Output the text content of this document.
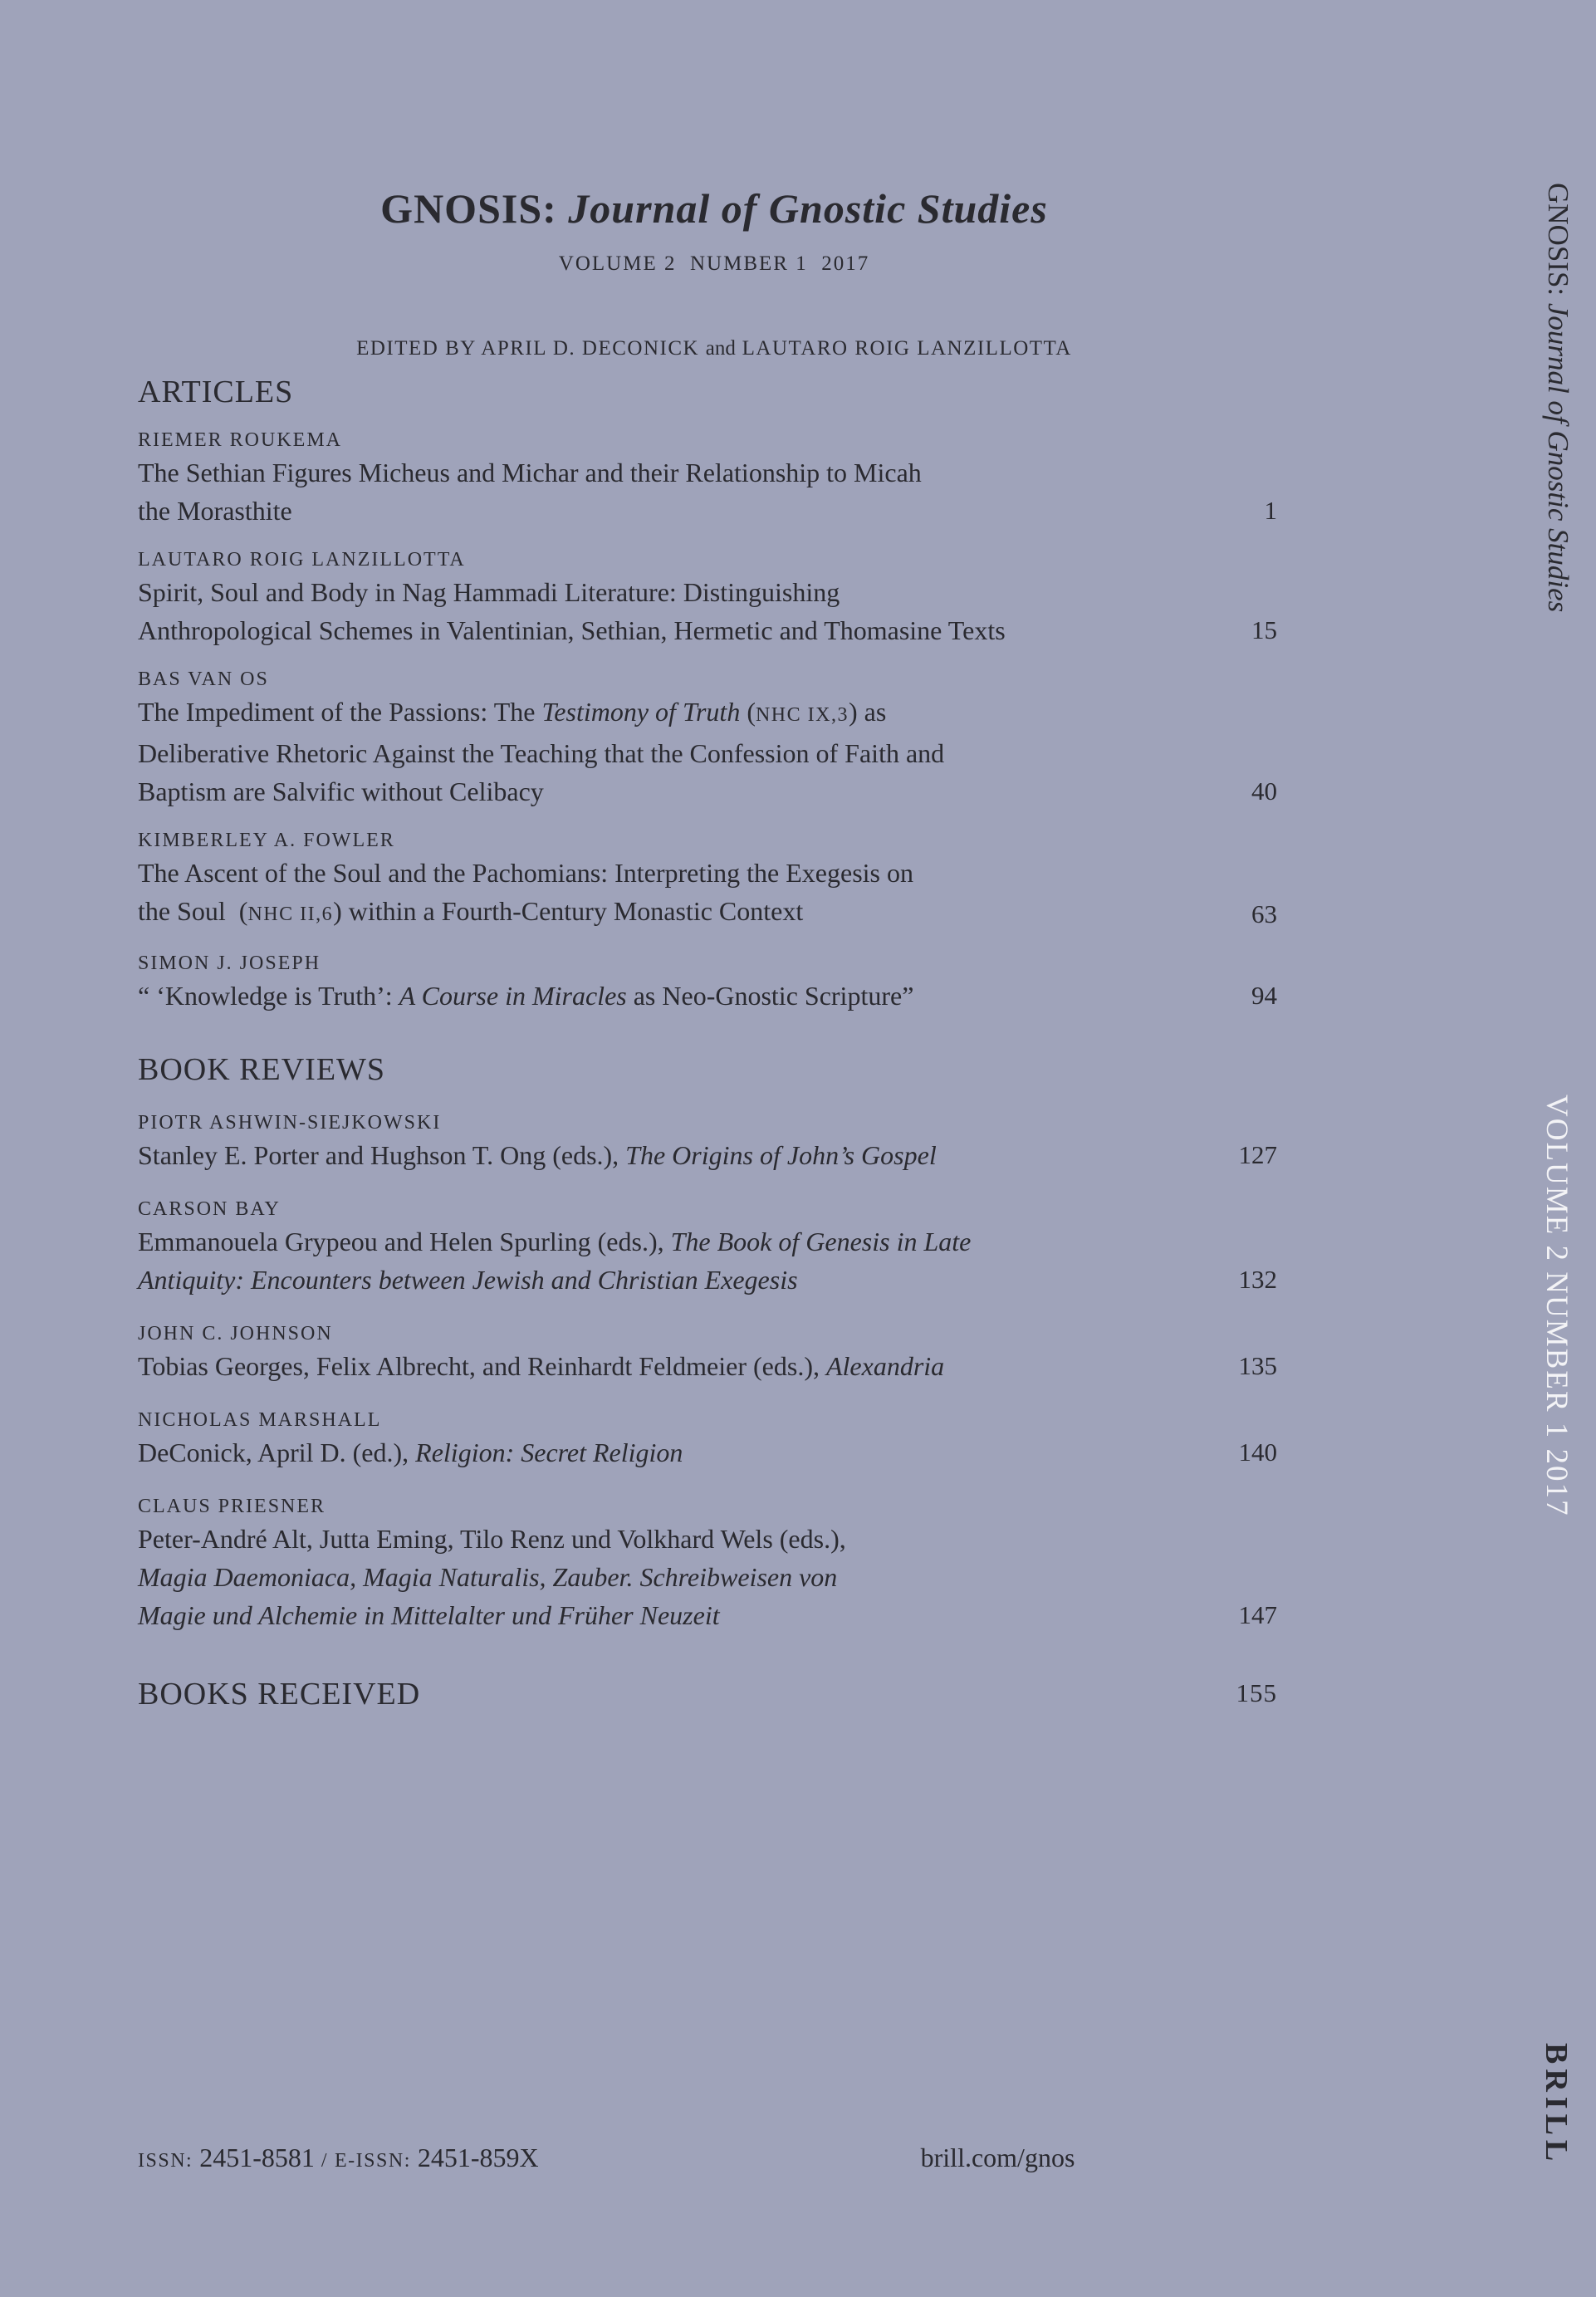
GNOSIS: Journal of Gnostic Studies
VOLUME 2  NUMBER 1  2017
EDITED BY APRIL D. DECONICK and LAUTARO ROIG LANZILLOTTA
ARTICLES
RIEMER ROUKEMA
The Sethian Figures Micheus and Michar and their Relationship to Micah
the Morasthite	1
LAUTARO ROIG LANZILLOTTA
Spirit, Soul and Body in Nag Hammadi Literature: Distinguishing
Anthropological Schemes in Valentinian, Sethian, Hermetic and Thomasine Texts	15
BAS VAN OS
The Impediment of the Passions: The Testimony of Truth (NHC IX,3) as
Deliberative Rhetoric Against the Teaching that the Confession of Faith and
Baptism are Salvific without Celibacy	40
KIMBERLEY A. FOWLER
The Ascent of the Soul and the Pachomians: Interpreting the Exegesis on
the Soul  (NHC II,6) within a Fourth-Century Monastic Context	63
SIMON J. JOSEPH
“ ‘Knowledge is Truth’: A Course in Miracles as Neo-Gnostic Scripture”	94
BOOK REVIEWS
PIOTR ASHWIN-SIEJKOWSKI
Stanley E. Porter and Hughson T. Ong (eds.), The Origins of John’s Gospel	127
CARSON BAY
Emmanouela Grypeou and Helen Spurling (eds.), The Book of Genesis in Late
Antiquity: Encounters between Jewish and Christian Exegesis	132
JOHN C. JOHNSON
Tobias Georges, Felix Albrecht, and Reinhardt Feldmeier (eds.), Alexandria	135
NICHOLAS MARSHALL
DeConick, April D. (ed.), Religion: Secret Religion	140
CLAUS PRIESNER
Peter-André Alt, Jutta Eming, Tilo Renz und Volkhard Wels (eds.),
Magia Daemoniaca, Magia Naturalis, Zauber. Schreibweisen von
Magie und Alchemie in Mittelalter und Früher Neuzeit	147
BOOKS RECEIVED	155
GNOSIS: Journal of Gnostic Studies
VOLUME 2 NUMBER 1 2017
BRILL
ISSN: 2451-8581 / E-ISSN: 2451-859X	brill.com/gnos
